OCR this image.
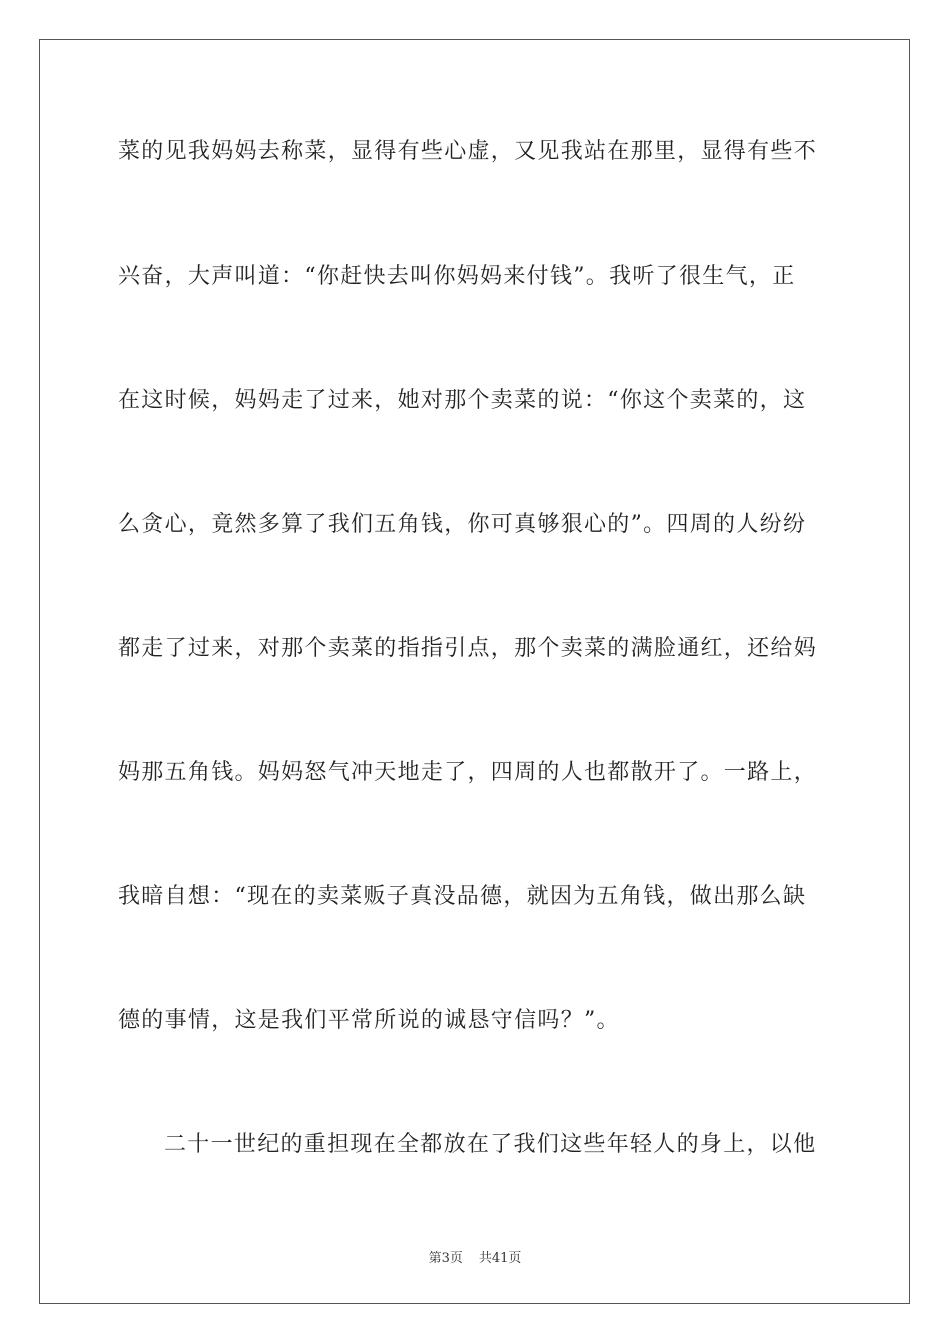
菜的见我妈妈去称菜，显得有些心虚，又见我站在那里，显得有些不
兴奋，大声叫道：“你赶快去叫你妈妈来付钱”。我听了很生气，正
在这时候，妈妈走了过来，她对那个卖菜的说：“你这个卖菜的，这
么贪心，竟然多算了我们五角钱，你可真够狠心的”。四周的人纷纷
都走了过来，对那个卖菜的指指引点，那个卖菜的满脸通红，还给妈
妈那五角钱。妈妈怒气冲天地走了，四周的人也都散开了。一路上，
我暗自想：“现在的卖菜贩子真没品德，就因为五角钱，做出那么缺
德的事情，这是我们平常所说的诚恳守信吗？”。
二十一世纪的重担现在全都放在了我们这些年轻人的身上，以他
第3页 共41页
